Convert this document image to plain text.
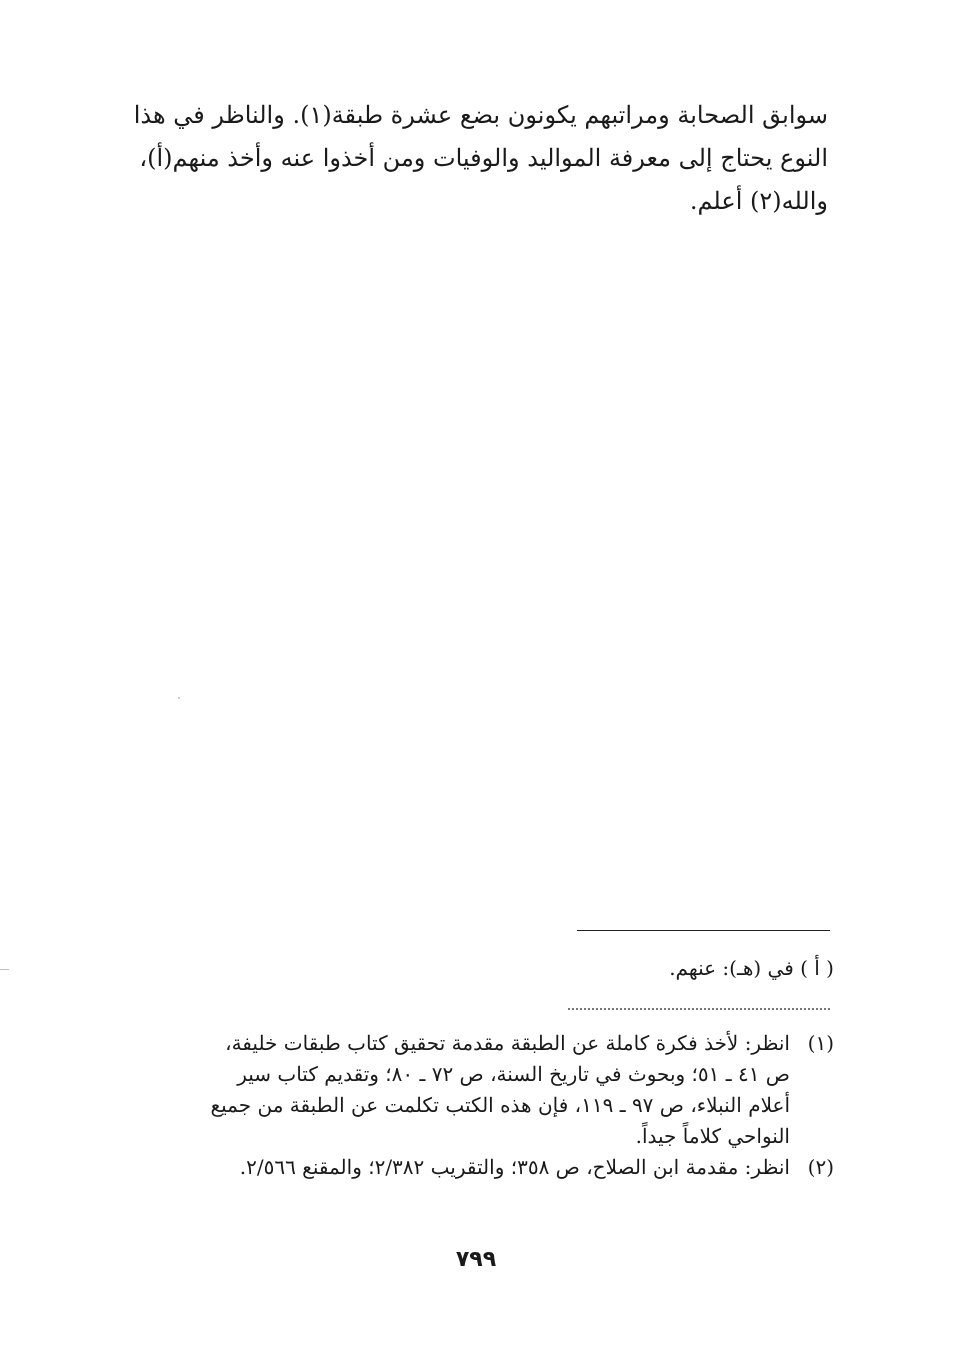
سوابق الصحابة ومراتبهم يكونون بضع عشرة طبقة(١). والناظر في هذا
النوع يحتاج إلى معرفة المواليد والوفيات ومن أخذوا عنه وأخذ منهم(أ)،
والله(٢) أعلم.
( أ ) في (هـ): عنهم.
(١)
انظر: لأخذ فكرة كاملة عن الطبقة مقدمة تحقيق كتاب طبقات خليفة،
ص ٤١ ـ ٥١؛ وبحوث في تاريخ السنة، ص ٧٢ ـ ٨٠؛ وتقديم كتاب سير
أعلام النبلاء، ص ٩٧ ـ ١١٩، فإن هذه الكتب تكلمت عن الطبقة من جميع
النواحي كلاماً جيداً.
(٢)
انظر: مقدمة ابن الصلاح، ص ٣٥٨؛ والتقريب ٢/٣٨٢؛ والمقنع ٢/٥٦٦.
٧٩٩
